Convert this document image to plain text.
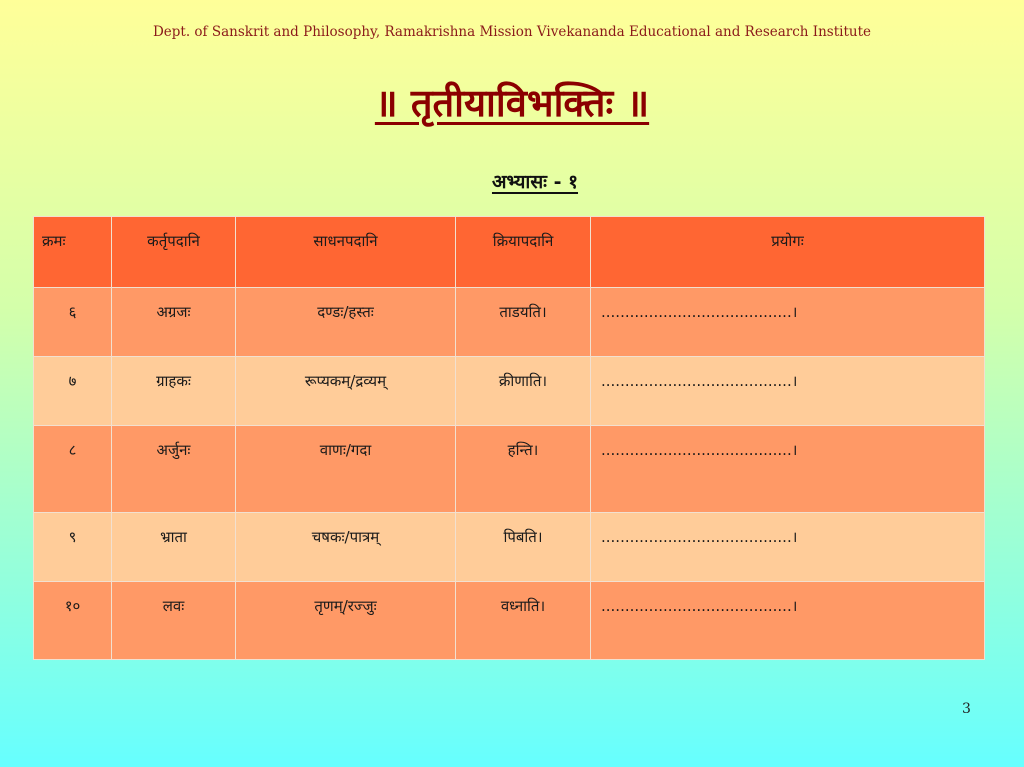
Dept. of Sanskrit and Philosophy, Ramakrishna Mission Vivekananda Educational and Research Institute
॥ तृतीयाविभक्तिः ॥
अभ्यासः - १
क्रमः	कर्तृपदानि	साधनपदानि	क्रियापदानि	प्रयोगः
६	अग्रजः	दण्डः/हस्तः	ताडयति।	........................................।
७	ग्राहकः	रूप्यकम्/द्रव्यम्	क्रीणाति।	........................................।
८	अर्जुनः	वाणः/गदा	हन्ति।	........................................।
९	भ्राता	चषकः/पात्रम्	पिबति।	........................................।
१०	लवः	तृणम्/रज्जुः	वध्नाति।	........................................।
3
